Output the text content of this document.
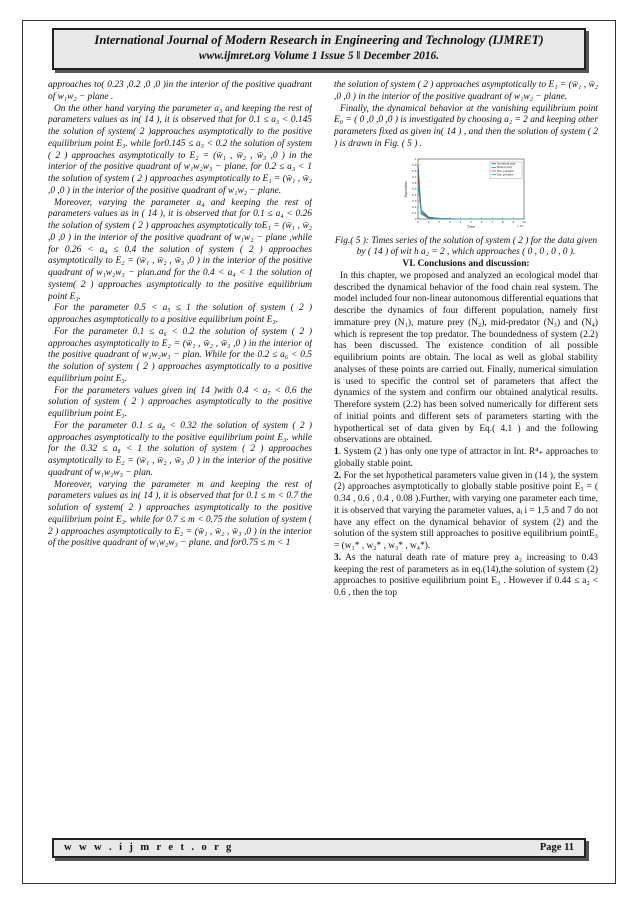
International Journal of Modern Research in Engineering and Technology (IJMRET)
www.ijmret.org Volume 1 Issue 5 ǁ December 2016.

approaches to( 0.23 ,0.2 ,0 ,0 )in the interior of the positive quadrant of w₁w₂ − plane .

On the other hand varying the parameter a₃ and keeping the rest of parameters values as in( 14 ), it is observed that for 0.1 ≤ a₃ < 0.145 the solution of system( 2 )approaches asymptotically to the positive equilibrium point E₃. while for0.145 ≤ a₃ < 0.2 the solution of system ( 2 ) approaches asymptotically to E₂ = (w̄₁ , w̄₂ , w̄₃ ,0 ) in the interior of the positive quadrant of w₁w₂w₃ − plane. for 0.2 ≤ a₃ < 1 the solution of system ( 2 ) approaches asymptotically to E₁ = (w̄₁ , w̄₂ ,0 ,0 ) in the interior of the positive quadrant of w₁w₂ − plane.

Moreover, varying the parameter a₄ and keeping the rest of parameters values as in ( 14 ), it is observed that for 0.1 ≤ a₄ < 0.26 the solution of system ( 2 ) approaches asymptotically toE₁ = (w̄₁ , w̄₂ ,0 ,0 ) in the interior of the positive quadrant of w₁w₂ − plane ,while for 0.26 < a₄ ≤ 0.4 the solution of system ( 2 ) approaches asymptotically to E₂ = (w̄₁ , w̄₂ , w̄₃ ,0 ) in the interior of the positive quadrant of w₁w₂w₃ − plan.and for the 0.4 < a₄ < 1 the solution of system( 2 ) approaches asymptotically to the positive equilibrium point E₃.

For the parameter 0.5 < a₅ ≤ 1 the solution of system ( 2 ) approaches asymptotically to a positive equilibrium point E₃.

For the parameter 0.1 ≤ a₆ < 0.2 the solution of system ( 2 ) approaches asymptotically to E₂ = (w̄₁ , w̄₂ , w̄₃ ,0 ) in the interior of the positive quadrant of w₁w₂w₃ − plan. While for the 0.2 ≤ a₆ < 0.5 the solution of system ( 2 ) approaches asymptotically to a positive equilibrium point E₃.

For the parameters values given in( 14 )with 0.4 < a₇ < 0.6 the solution of system ( 2 ) approaches asymptotically to the positive equilibrium point E₃.

For the parameter 0.1 ≤ a₈ < 0.32 the solution of system ( 2 ) approaches asymptotically to the positive equilibrium point E₃. while for the 0.32 ≤ a₈ < 1 the solution of system ( 2 ) approaches asymptotically to E₂ = (w̄₁ , w̄₂ , w̄₃ ,0 ) in the interior of the positive quadrant of w₁w₂w₃ − plan.

Moreover, varying the parameter m and keeping the rest of parameters values as in( 14 ), it is observed that for 0.1 ≤ m < 0.7 the solution of system( 2 ) approaches asymptotically to the positive equilibrium point E₃. while for 0.7 ≤ m < 0.75 the solution of system ( 2 ) approaches asymptotically to E₂ = (w̄₁ , w̄₂ , w̄₃ ,0 ) in the interior of the positive quadrant of w₁w₂w₃ − plane. and for0.75 ≤ m < 1

the solution of system ( 2 ) approaches asymptotically to E₁ = (w̄₁ , w̄₂ ,0 ,0 ) in the interior of the positive quadrant of w₁w₂ − plane.

Finally, the dynamical behavior at the vanishing equilibrium point E₀ = ( 0 ,0 ,0 ,0 ) is investigated by choosing a₂ = 2 and keeping other parameters fixed as given in( 14 ) , and then the solution of system ( 2 ) is drawn in Fig. ( 5 ) .

0	1	2	3	4	5	6	7	8	9	10
0
0.1
0.2
0.3
0.4
0.5
0.6
0.7
0.8
0.9
1
Time	x 10⁴
Population
Immature prey
Mature prey
Mid- predator
Top- predator

Fig.( 5 ): Times series of the solution of system ( 2 ) for the data given by ( 14 ) of wit h a₂ = 2 , which approaches ( 0 , 0 , 0 , 0 ).

VI. Conclusions and discussion:

In this chapter, we proposed and analyzed an ecological model that described the dynamical behavior of the food chain real system. The model included four non-linear autonomous differential equations that describe the dynamics of four different population, namely first immature prey (N₁), mature prey (N₂), mid-predator (N₃) and (N₄) which is represent the top predator. The boundedness of system (2.2) has been discussed. The existence condition of all possible equilibrium points are obtain. The local as well as global stability analyses of these points are carried out. Finally, numerical simulation is used to specific the control set of parameters that affect the dynamics of the system and confirm our obtained analytical results. Therefore system (2.2) has been solved numerically for different sets of initial points and different sets of parameters starting with the hypothertical set of data given by Eq.( 4.1 ) and the following observations are obtained.

1. System (2 ) has only one type of attractor in Int. R⁴₊ approaches to globally stable point.

2. For the set hypothetical parameters value given in (14 ), the system (2) approaches asymptotically to globally stable positive point E₃ = ( 0.34 , 0.6 , 0.4 , 0.08 ).Further, with varying one parameter each time, it is observed that varying the parameter values, aᵢ i = 1,5 and 7 do not have any effect on the dynamical behavior of system (2) and the solution of the system still approaches to positive equilibrium pointE₃ = (w₁* , w₂* , w₃* , w₄*).

3. As the natural death rate of mature prey a₂ increasing to 0.43 keeping the rest of parameters as in eq.(14),the solution of system (2) approaches to positive equilibrium point E₃ . However if 0.44 ≤ a₂ < 0.6 , then the top

w w w . i j m r e t . o r g	Page 11
